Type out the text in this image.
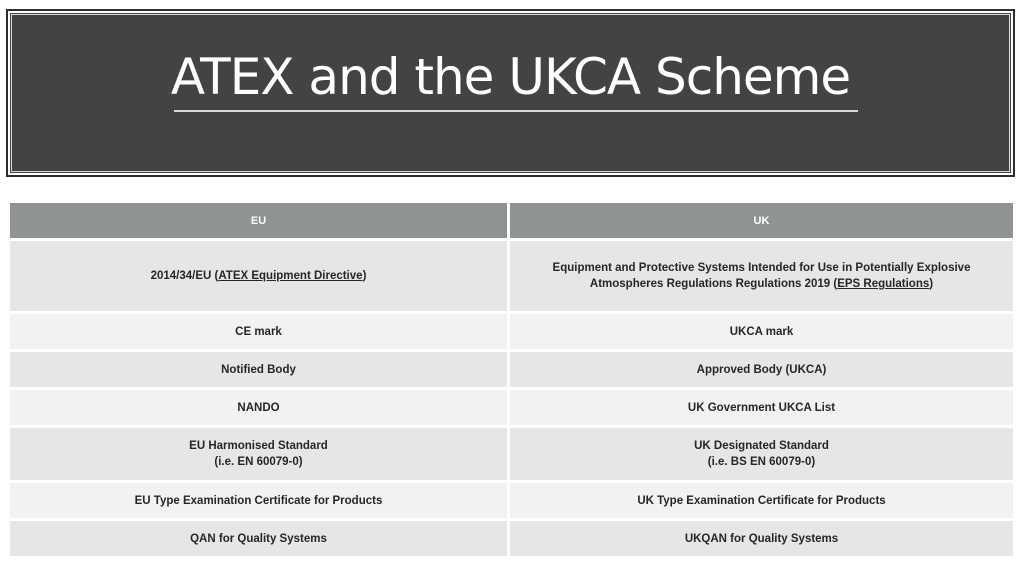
ATEX and the UKCA Scheme
EU	UK
2014/34/EU (ATEX Equipment Directive)	Equipment and Protective Systems Intended for Use in Potentially Explosive
Atmospheres Regulations Regulations 2019 (EPS Regulations)

CE mark	UKCA mark
Notified Body	Approved Body (UKCA)
NANDO	UK Government UKCA List

EU Harmonised Standard
(i.e. EN 60079-0)	UK Designated Standard
(i.e. BS EN 60079-0)

EU Type Examination Certificate for Products	UK Type Examination Certificate for Products
QAN for Quality Systems	UKQAN for Quality Systems
